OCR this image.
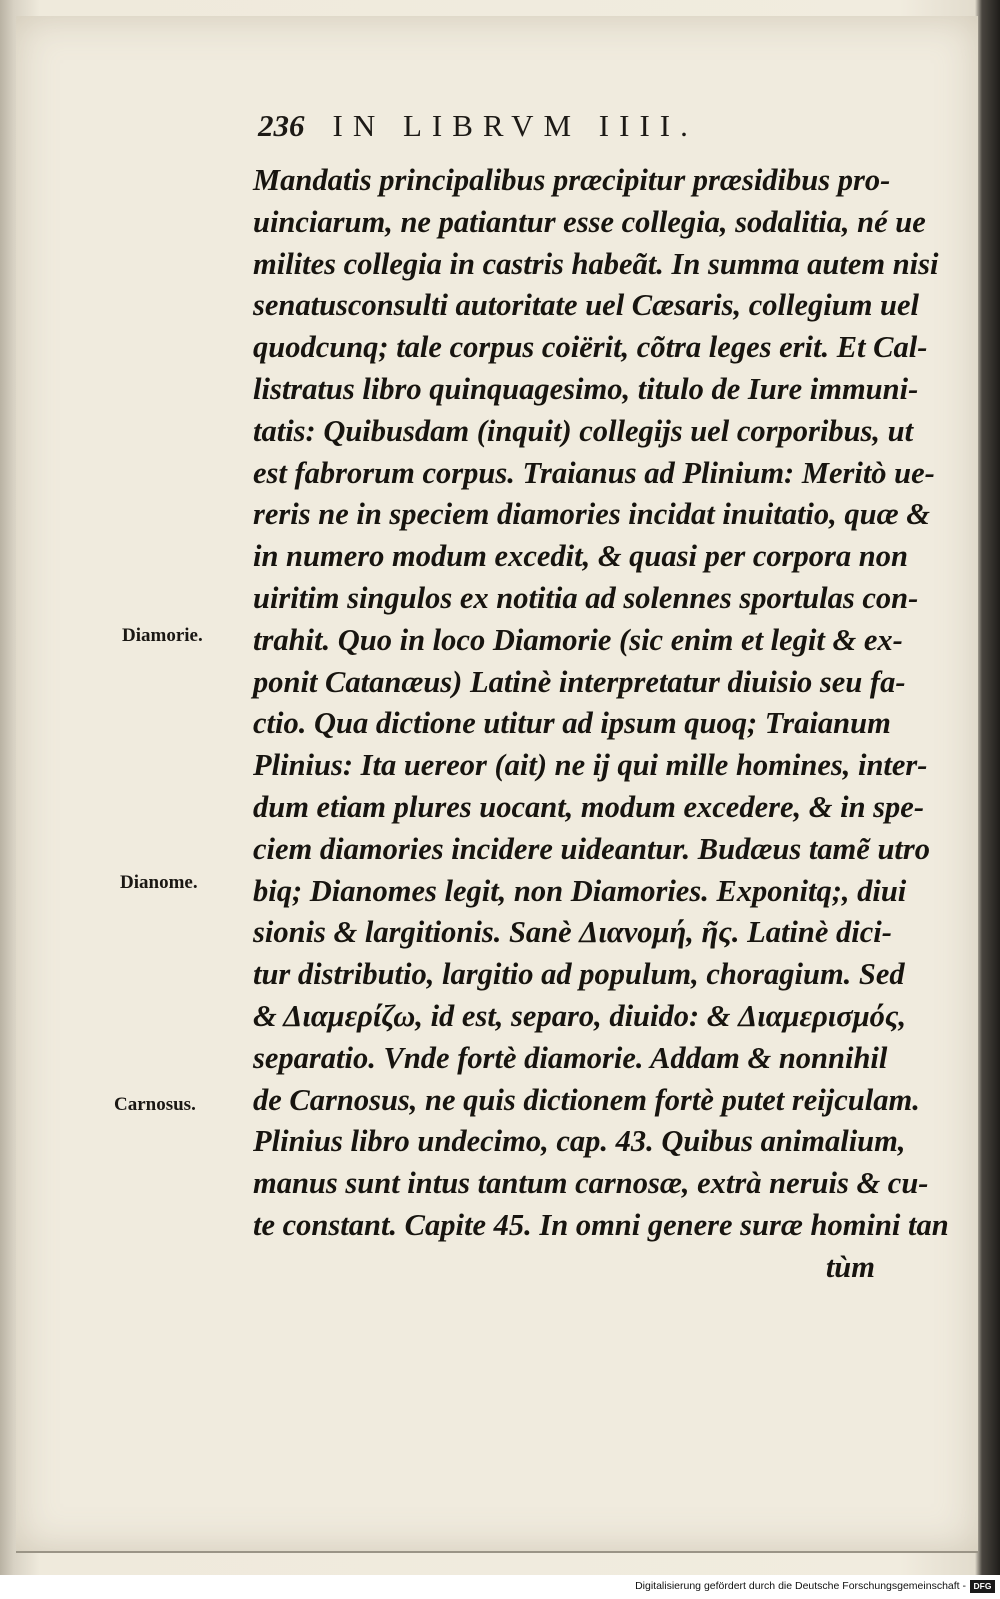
236 IN LIBRVM IIII.
Mandatis principalibus præcipitur præsidibus pro-
uinciarum, ne patiantur esse collegia, sodalitia, né ue
milites collegia in castris habeãt. In summa autem nisi
senatusconsulti autoritate uel Cæsaris, collegium uel
quodcunq; tale corpus coiërit, cõtra leges erit. Et Cal-
listratus libro quinquagesimo, titulo de Iure immuni-
tatis: Quibusdam (inquit) collegijs uel corporibus, ut
est fabrorum corpus. Traianus ad Plinium: Meritò ue-
reris ne in speciem diamories incidat inuitatio, quæ &
in numero modum excedit, & quasi per corpora non
uiritim singulos ex notitia ad solennes sportulas con-
trahit. Quo in loco Diamorie (sic enim et legit & ex-
ponit Catanæus) Latinè interpretatur diuisio seu fa-
ctio. Qua dictione utitur ad ipsum quoq; Traianum
Plinius: Ita uereor (ait) ne ij qui mille homines, inter-
dum etiam plures uocant, modum excedere, & in spe-
ciem diamories incidere uideantur. Budæus tamẽ utro
biq; Dianomes legit, non Diamories. Exponitq;, diui
sionis & largitionis. Sanè Διανομή, ῆς. Latinè dici-
tur distributio, largitio ad populum, choragium. Sed
& Διαμερίζω, id est, separo, diuido: & Διαμερισμός,
separatio. Vnde fortè diamorie. Addam & nonnihil
de Carnosus, ne quis dictionem fortè putet reijculam.
Plinius libro undecimo, cap. 43. Quibus animalium,
manus sunt intus tantum carnosæ, extrà neruis & cu-
te constant. Capite 45. In omni genere suræ homini tan
tùm
Diamorie.
Dianome.
Carnosus.
Digitalisierung gefördert durch die Deutsche Forschungsgemeinschaft - DFG
